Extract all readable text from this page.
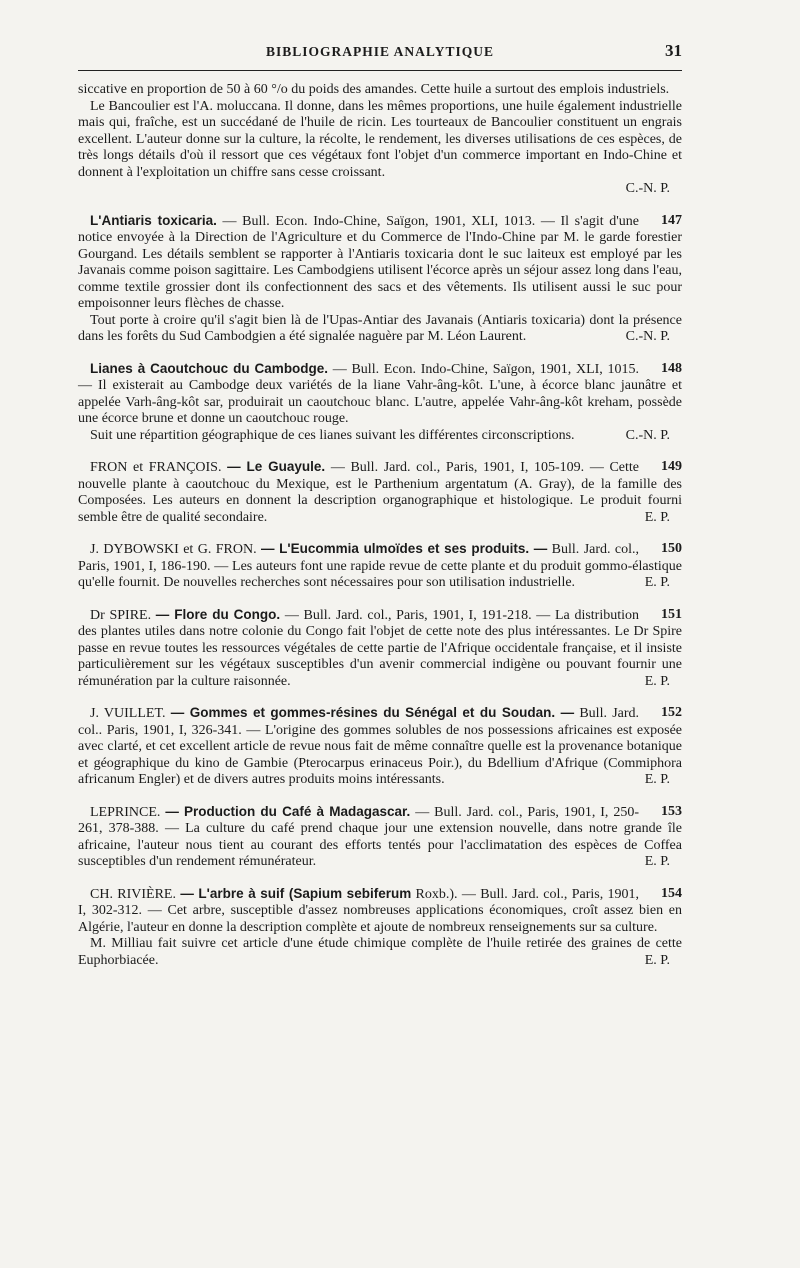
BIBLIOGRAPHIE ANALYTIQUE	31

siccative en proportion de 50 à 60 °/o du poids des amandes. Cette huile a surtout des emplois industriels.

Le Bancoulier est l'A. moluccana. Il donne, dans les mêmes proportions, une huile également industrielle mais qui, fraîche, est un succédané de l'huile de ricin. Les tourteaux de Bancoulier constituent un engrais excellent. L'auteur donne sur la culture, la récolte, le rendement, les diverses utilisations de ces espèces, de très longs détails d'où il ressort que ces végétaux font l'objet d'un commerce important en Indo-Chine et donnent à l'exploitation un chiffre sans cesse croissant.

C.-N. P.

147
L'Antiaris toxicaria. — Bull. Econ. Indo-Chine, Saïgon, 1901, XLI, 1013. — Il s'agit d'une notice envoyée à la Direction de l'Agriculture et du Commerce de l'Indo-Chine par M. le garde forestier Gourgand. Les détails semblent se rapporter à l'Antiaris toxicaria dont le suc laiteux est employé par les Javanais comme poison sagittaire. Les Cambodgiens utilisent l'écorce après un séjour assez long dans l'eau, comme textile grossier dont ils confectionnent des sacs et des vêtements. Ils utilisent aussi le suc pour empoisonner leurs flèches de chasse.

Tout porte à croire qu'il s'agit bien là de l'Upas-Antiar des Javanais (Antiaris toxicaria) dont la présence dans les forêts du Sud Cambodgien a été signalée naguère par M. Léon Laurent.	C.-N. P.

148
Lianes à Caoutchouc du Cambodge. — Bull. Econ. Indo-Chine, Saïgon, 1901, XLI, 1015. — Il existerait au Cambodge deux variétés de la liane Vahr-âng-kôt. L'une, à écorce blanc jaunâtre et appelée Varh-âng-kôt sar, produirait un caoutchouc blanc. L'autre, appelée Vahr-âng-kôt kreham, possède une écorce brune et donne un caoutchouc rouge.

Suit une répartition géographique de ces lianes suivant les différentes circonscriptions.	C.-N. P.

149
FRON et FRANÇOIS. — Le Guayule. — Bull. Jard. col., Paris, 1901, I, 105-109. — Cette nouvelle plante à caoutchouc du Mexique, est le Parthenium argentatum (A. Gray), de la famille des Composées. Les auteurs en donnent la description organographique et histologique. Le produit fourni semble être de qualité secondaire.	E. P.

150
J. DYBOWSKI et G. FRON. — L'Eucommia ulmoïdes et ses produits. — Bull. Jard. col., Paris, 1901, I, 186-190. — Les auteurs font une rapide revue de cette plante et du produit gommo-élastique qu'elle fournit. De nouvelles recherches sont nécessaires pour son utilisation industrielle.	E. P.

151
Dr SPIRE. — Flore du Congo. — Bull. Jard. col., Paris, 1901, I, 191-218. — La distribution des plantes utiles dans notre colonie du Congo fait l'objet de cette note des plus intéressantes. Le Dr Spire passe en revue toutes les ressources végétales de cette partie de l'Afrique occidentale française, et il insiste particulièrement sur les végétaux susceptibles d'un avenir commercial indigène ou pouvant fournir une rémunération par la culture raisonnée.	E. P.

152
J. VUILLET. — Gommes et gommes-résines du Sénégal et du Soudan. — Bull. Jard. col.. Paris, 1901, I, 326-341. — L'origine des gommes solubles de nos possessions africaines est exposée avec clarté, et cet excellent article de revue nous fait de même connaître quelle est la provenance botanique et géographique du kino de Gambie (Pterocarpus erinaceus Poir.), du Bdellium d'Afrique (Commiphora africanum Engler) et de divers autres produits moins intéressants.	E. P.

153
LEPRINCE. — Production du Café à Madagascar. — Bull. Jard. col., Paris, 1901, I, 250-261, 378-388. — La culture du café prend chaque jour une extension nouvelle, dans notre grande île africaine, l'auteur nous tient au courant des efforts tentés pour l'acclimatation des espèces de Coffea susceptibles d'un rendement rémunérateur.	E. P.

154
CH. RIVIÈRE. — L'arbre à suif (Sapium sebiferum Roxb.). — Bull. Jard. col., Paris, 1901, I, 302-312. — Cet arbre, susceptible d'assez nombreuses applications économiques, croît assez bien en Algérie, l'auteur en donne la description complète et ajoute de nombreux renseignements sur sa culture.

M. Milliau fait suivre cet article d'une étude chimique complète de l'huile retirée des graines de cette Euphorbiacée.	E. P.
